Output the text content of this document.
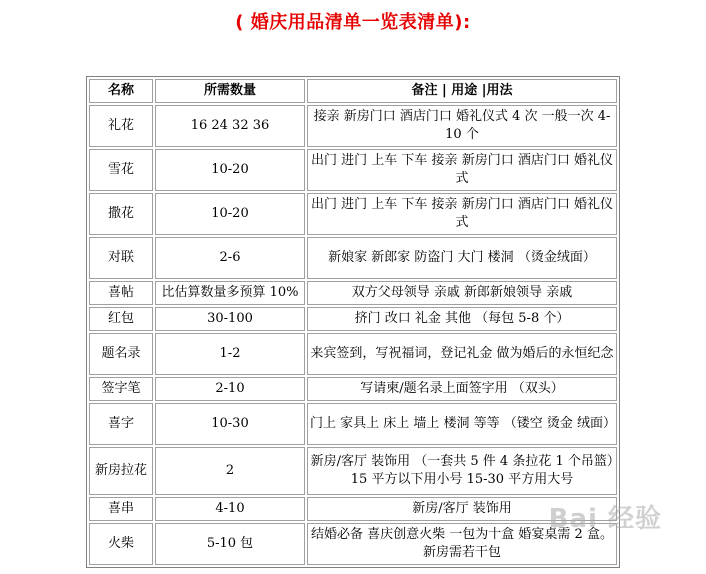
( 婚庆用品清单一览表清单):
名称	所需数量	备注 | 用途 |用法
礼花	16 24 32 36	接亲 新房门口 酒店门口 婚礼仪式 4 次 一般一次 4-10 个
雪花	10-20	出门 进门 上车 下车 接亲 新房门口 酒店门口 婚礼仪式
撒花	10-20	出门 进门 上车 下车 接亲 新房门口 酒店门口 婚礼仪式
对联	2-6	新娘家 新郎家 防盗门 大门 楼洞 （烫金绒面）
喜帖	比估算数量多预算 10%	双方父母领导 亲戚 新郎新娘领导 亲戚
红包	30-100	挤门 改口 礼金 其他 （每包 5-8 个）
题名录	1-2	来宾签到，写祝福词，登记礼金 做为婚后的永恒纪念
签字笔	2-10	写请柬/题名录上面签字用 （双头）
喜字	10-30	门上 家具上 床上 墙上 楼洞 等等 （镂空 烫金 绒面）
新房拉花	2	新房/客厅 装饰用 （一套共 5 件 4 条拉花 1 个吊篮）15 平方以下用小号 15-30 平方用大号
喜串	4-10	新房/客厅 装饰用
火柴	5-10 包	结婚必备 喜庆创意火柴 一包为十盒 婚宴桌需 2 盒。新房需若干包
Bai 经验
